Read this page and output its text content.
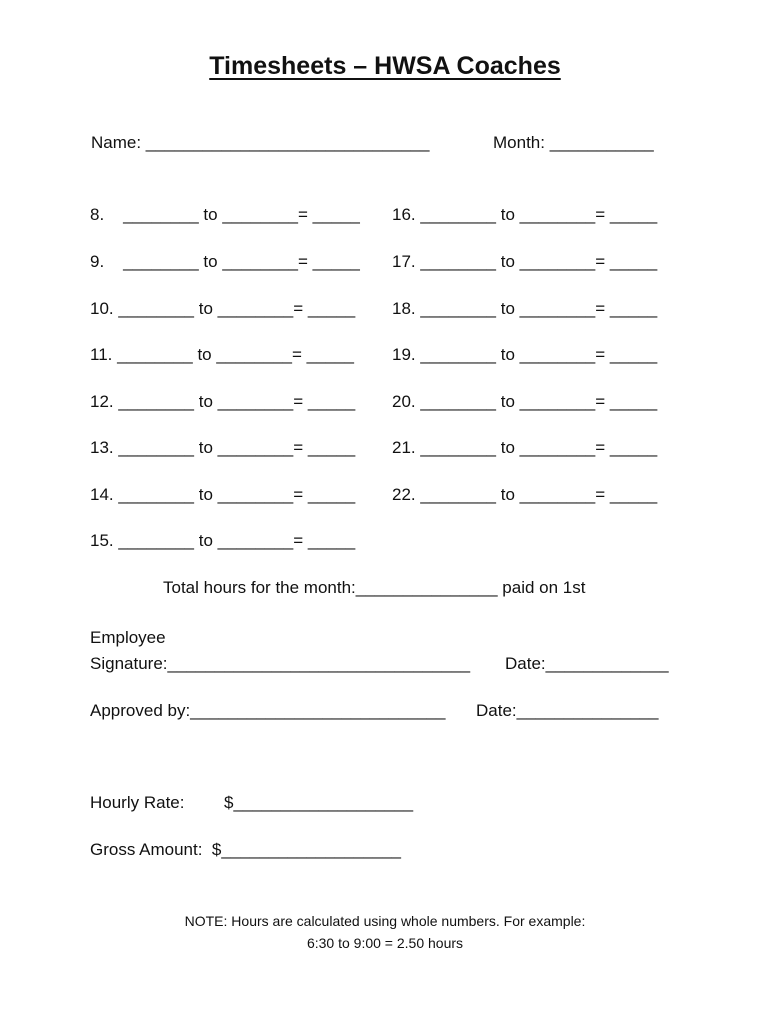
Timesheets – HWSA Coaches
Name: ______________________________	Month: ___________
8.    ________ to ________= _____
9.    ________ to ________= _____
10. ________ to ________= _____
11. ________ to ________= _____
12. ________ to ________= _____
13. ________ to ________= _____
14. ________ to ________= _____
15. ________ to ________= _____
16. ________ to ________= _____
17. ________ to ________= _____
18. ________ to ________= _____
19. ________ to ________= _____
20. ________ to ________= _____
21. ________ to ________= _____
22. ________ to ________= _____
Total hours for the month:_______________ paid on 1st
Employee
Signature:________________________________ Date:_____________
Approved by:___________________________ Date:_______________
Hourly Rate: $___________________
Gross Amount:  $___________________
NOTE: Hours are calculated using whole numbers. For example:
6:30 to 9:00 = 2.50 hours
